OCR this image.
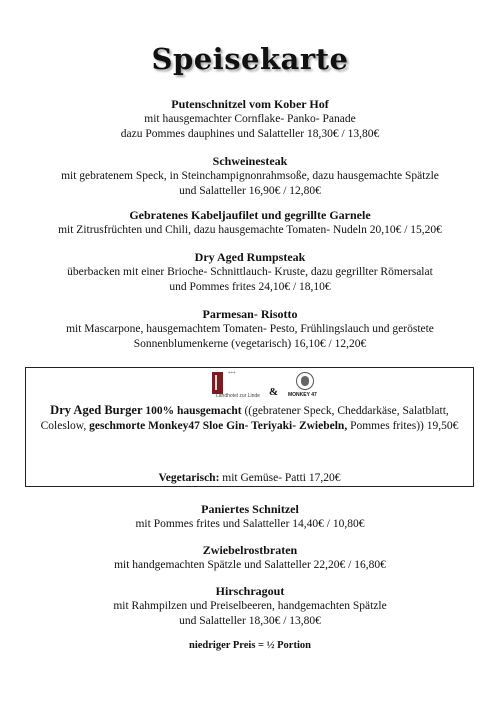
Speisekarte
Putenschnitzel vom Kober Hof
mit hausgemachter Cornflake- Panko- Panade
dazu Pommes dauphines und Salatteller 18,30€ / 13,80€
Schweinesteak
mit gebratenem Speck, in Steinchampignonrahmsoße, dazu hausgemachte Spätzle
und Salatteller 16,90€ / 12,80€
Gebratenes Kabeljaufilet und gegrillte Garnele
mit Zitrusfrüchten und Chili, dazu hausgemachte Tomaten- Nudeln 20,10€ / 15,20€
Dry Aged Rumpsteak
überbacken mit einer Brioche- Schnittlauch- Kruste, dazu gegrillter Römersalat
und Pommes frites 24,10€ / 18,10€
Parmesan- Risotto
mit Mascarpone, hausgemachtem Tomaten- Pesto, Frühlingslauch und geröstete
Sonnenblumenkerne (vegetarisch) 16,10€ / 12,20€
***
Landhotel zur Linde & MONKEY 47
Dry Aged Burger 100% hausgemacht ((gebratener Speck, Cheddarkäse, Salatblatt, Coleslow, geschmorte Monkey47 Sloe Gin- Teriyaki- Zwiebeln, Pommes frites)) 19,50€
Vegetarisch: mit Gemüse- Patti 17,20€
Paniertes Schnitzel
mit Pommes frites und Salatteller 14,40€ / 10,80€
Zwiebelrostbraten
mit handgemachten Spätzle und Salatteller 22,20€ / 16,80€
Hirschragout
mit Rahmpilzen und Preiselbeeren, handgemachten Spätzle
und Salatteller 18,30€ / 13,80€
niedriger Preis = ½ Portion
